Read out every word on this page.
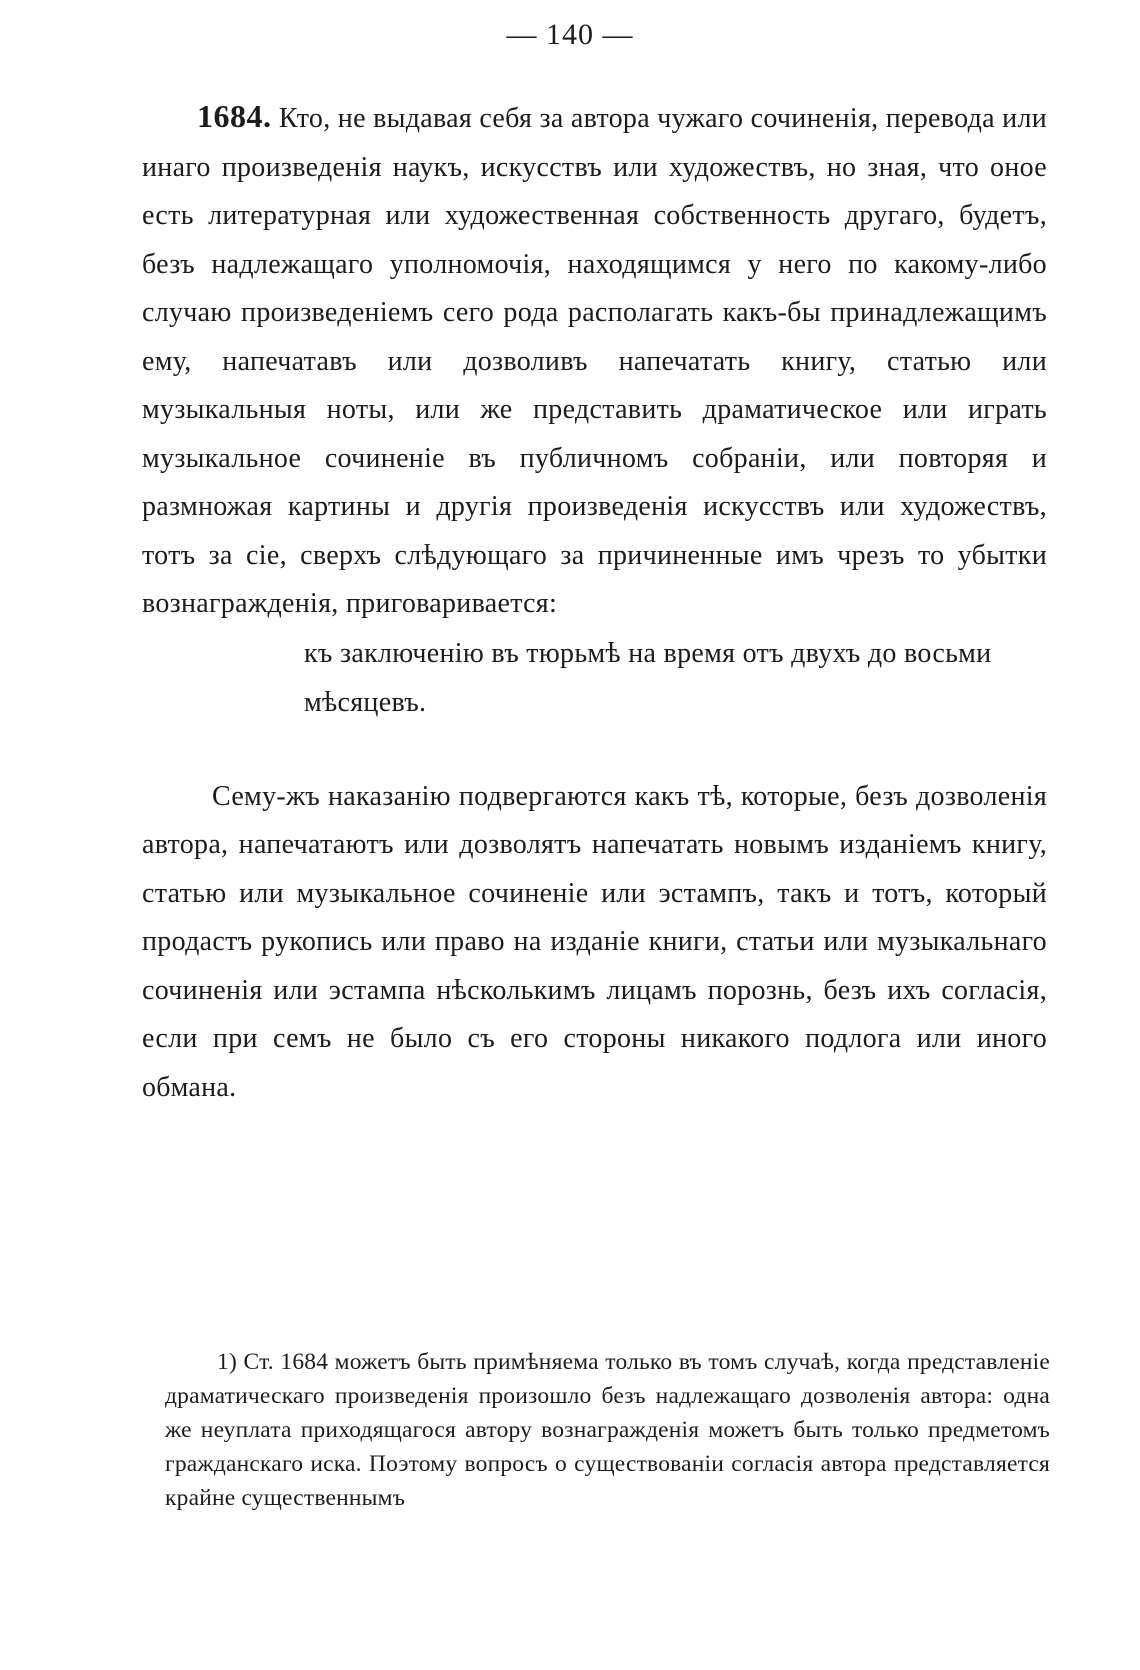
— 140 —

1684. Кто, не выдавая себя за автора чужаго сочиненія, перевода или инаго произведенія наукъ, искусствъ или художествъ, но зная, что оное есть литературная или художественная собственность другаго, будетъ, безъ надлежащаго уполномочія, находящимся у него по какому-либо случаю произведеніемъ сего рода располагать какъ-бы принадлежащимъ ему, напечатавъ или дозволивъ напечатать книгу, статью или музыкальныя ноты, или же представить драматическое или играть музыкальное сочиненіе въ публичномъ собраніи, или повторяя и размножая картины и другія произведенія искусствъ или художествъ, тотъ за сіе, сверхъ слѣдующаго за причиненные имъ чрезъ то убытки вознагражденія, приговаривается:

къ заключенію въ тюрьмѣ на время отъ двухъ до восьми мѣсяцевъ.

Сему-жъ наказанію подвергаются какъ тѣ, которые, безъ дозволенія автора, напечатаютъ или дозволятъ напечатать новымъ изданіемъ книгу, статью или музыкальное сочиненіе или эстампъ, такъ и тотъ, который продастъ рукопись или право на изданіе книги, статьи или музыкальнаго сочиненія или эстампа нѣсколькимъ лицамъ порознь, безъ ихъ согласія, если при семъ не было съ его стороны никакого подлога или иного обмана.

1) Ст. 1684 можетъ быть примѣняема только въ томъ случаѣ, когда представленіе драматическаго произведенія произошло безъ надлежащаго дозволенія автора: одна же неуплата приходящагося автору вознагражденія можетъ быть только предметомъ гражданскаго иска. Поэтому вопросъ о существованіи согласія автора представляется крайне существеннымъ
